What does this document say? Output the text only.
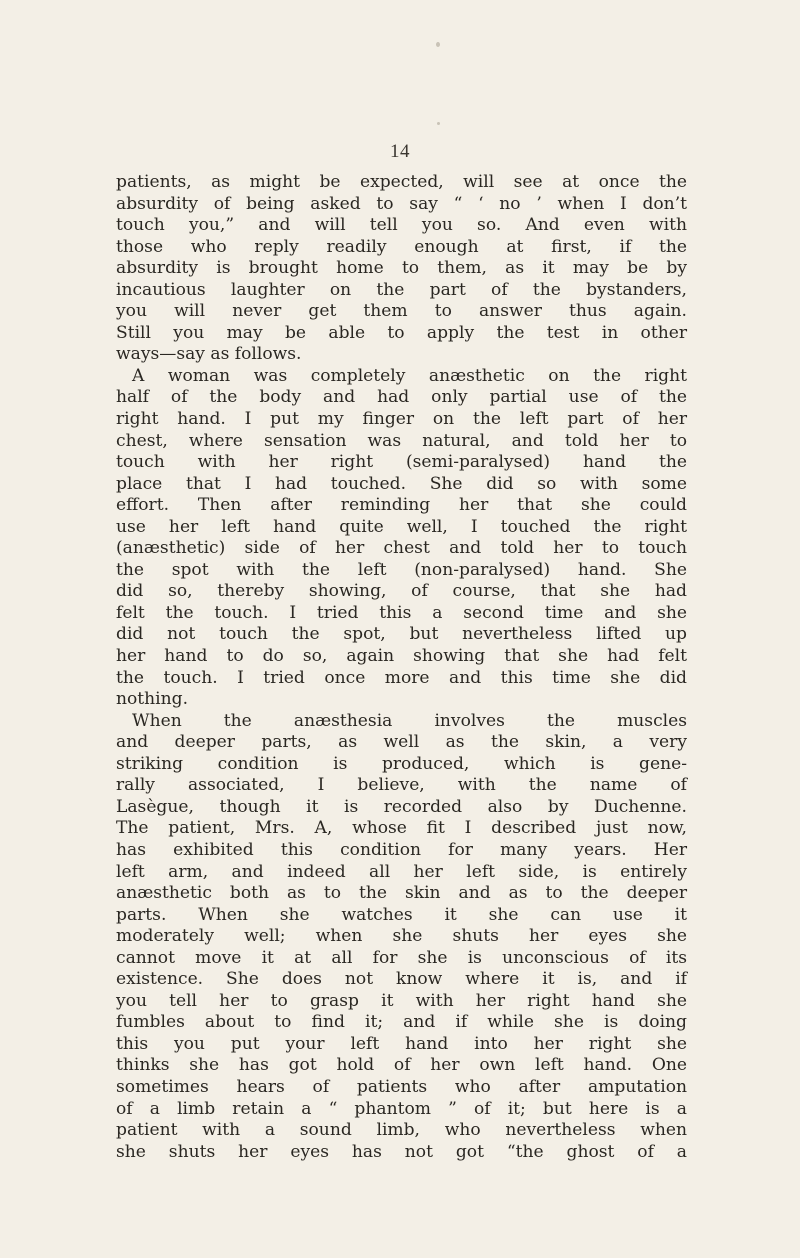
14
patients, as might be expected, will see at once the
absurdity of being asked to say “ ‘ no ’ when I don’t
touch you,” and will tell you so. And even with
those who reply readily enough at first, if the
absurdity is brought home to them, as it may be by
incautious laughter on the part of the bystanders,
you will never get them to answer thus again.
Still you may be able to apply the test in other
ways—say as follows.
A woman was completely anæsthetic on the right
half of the body and had only partial use of the
right hand. I put my finger on the left part of her
chest, where sensation was natural, and told her to
touch with her right (semi-paralysed) hand the
place that I had touched. She did so with some
effort. Then after reminding her that she could
use her left hand quite well, I touched the right
(anæsthetic) side of her chest and told her to touch
the spot with the left (non-paralysed) hand. She
did so, thereby showing, of course, that she had
felt the touch. I tried this a second time and she
did not touch the spot, but nevertheless lifted up
her hand to do so, again showing that she had felt
the touch. I tried once more and this time she did
nothing.
When the anæsthesia involves the muscles
and deeper parts, as well as the skin, a very
striking condition is produced, which is gene-
rally associated, I believe, with the name of
Lasègue, though it is recorded also by Duchenne.
The patient, Mrs. A, whose fit I described just now,
has exhibited this condition for many years. Her
left arm, and indeed all her left side, is entirely
anæsthetic both as to the skin and as to the deeper
parts. When she watches it she can use it
moderately well; when she shuts her eyes she
cannot move it at all for she is unconscious of its
existence. She does not know where it is, and if
you tell her to grasp it with her right hand she
fumbles about to find it; and if while she is doing
this you put your left hand into her right she
thinks she has got hold of her own left hand. One
sometimes hears of patients who after amputation
of a limb retain a “ phantom ” of it; but here is a
patient with a sound limb, who nevertheless when
she shuts her eyes has not got “the ghost of a
